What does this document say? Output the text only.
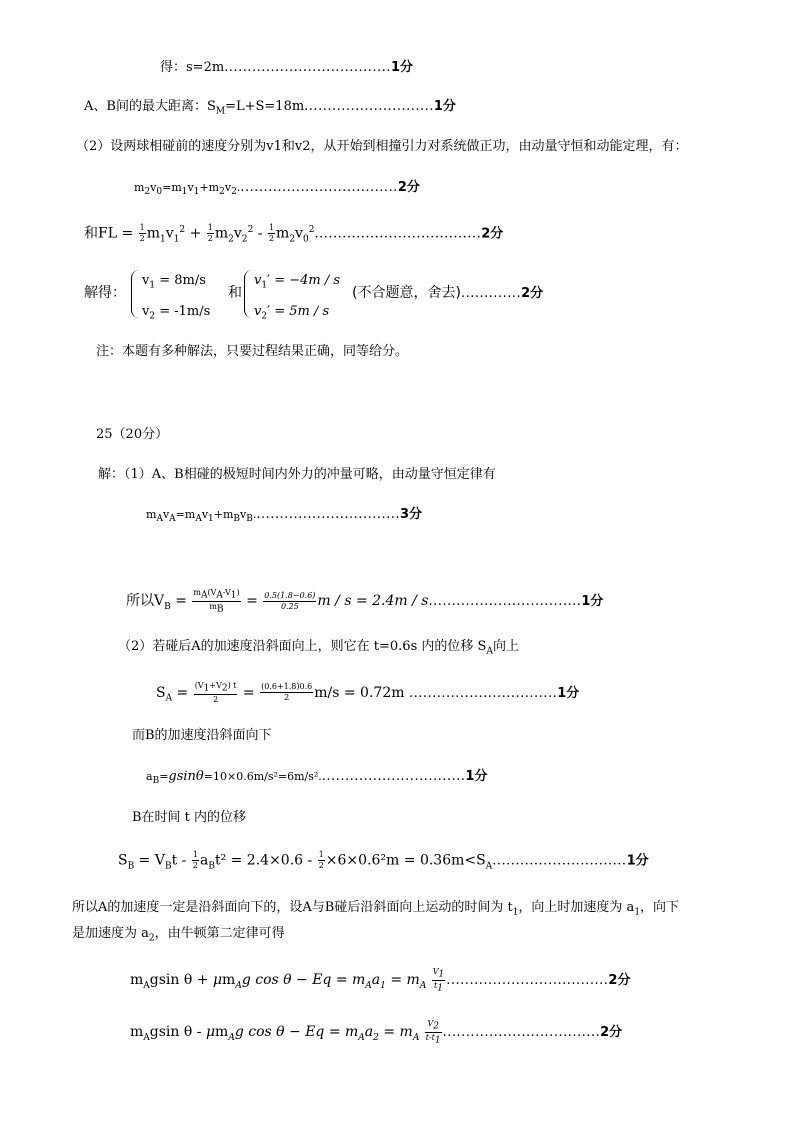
得：s=2m....................................1分
A、B间的最大距离：$S_M=L+S=18m............................1$分
（2）设两球相碰前的速度分别为v1和v2，从开始到相撞引力对系统做正功，由动量守恒和动能定理，有：
$m_2v_0=m_1v_1+m_2v_2...................................2$分
和FL = $\frac{1}{2} m_1v_1^2 + \frac{1}{2} m_2v_2^2 - \frac{1}{2} m_2v_0^2....................................2$分
解得：
$v_1 = 8m/s$
$v_2 = -1m/s$
和
$v_1' = -4m / s$
$v_2' = 5m / s$
(不合题意，舍去).............2分
注：本题有多种解法，只要过程结果正确，同等给分。
25（20分）
解：（1）A、B相碰的极短时间内外力的冲量可略，由动量守恒定律有
$m_Av_A=m_Av_1+m_Bv_B................................3$分
所以$V_B = \frac{m_A(V_A-V_1)}{m_B} = \frac{0.5(1.8-0.6)}{0.25}$ m / s = 2.4m / s.................................1分
（2）若碰后A的加速度沿斜面向上，则它在 t=0.6s 内的位移 $S_A$向上
$S_A = \frac{(V_1+V_2) t}{2} = \frac{(0.6+1.8)0.6}{2} m/s = 0.72m$ ................................1分
而B的加速度沿斜面向下
$a_B=gsin\theta=10\times 0.6m/s^2=6m/s^2................................1$分
B在时间 t 内的位移
$S_B = V_Bt - \frac{1}{2} a_Bt^2 = 2.4\times 0.6 - \frac{1}{2} \times 6\times 0.6^2m = 0.36m<S_A.............................1$分
所以A的加速度一定是沿斜面向下的，设A与B碰后沿斜面向上运动的时间为 $t_1$，向上时加速度为 $a_1$，向下
是加速度为 $a_2$，由牛顿第二定律可得
$m_Agsin$ $\theta + \mu m_Ag$ $\cos \theta - Eq = m_Aa_1 = m_A \frac{V_1}{t_1} ...................................2$分
$m_Agsin$ θ - $\mu m_Ag$ $\cos \theta - Eq = m_Aa_2 = m_A \frac{V_2}{t-t_1} ..................................2$分
